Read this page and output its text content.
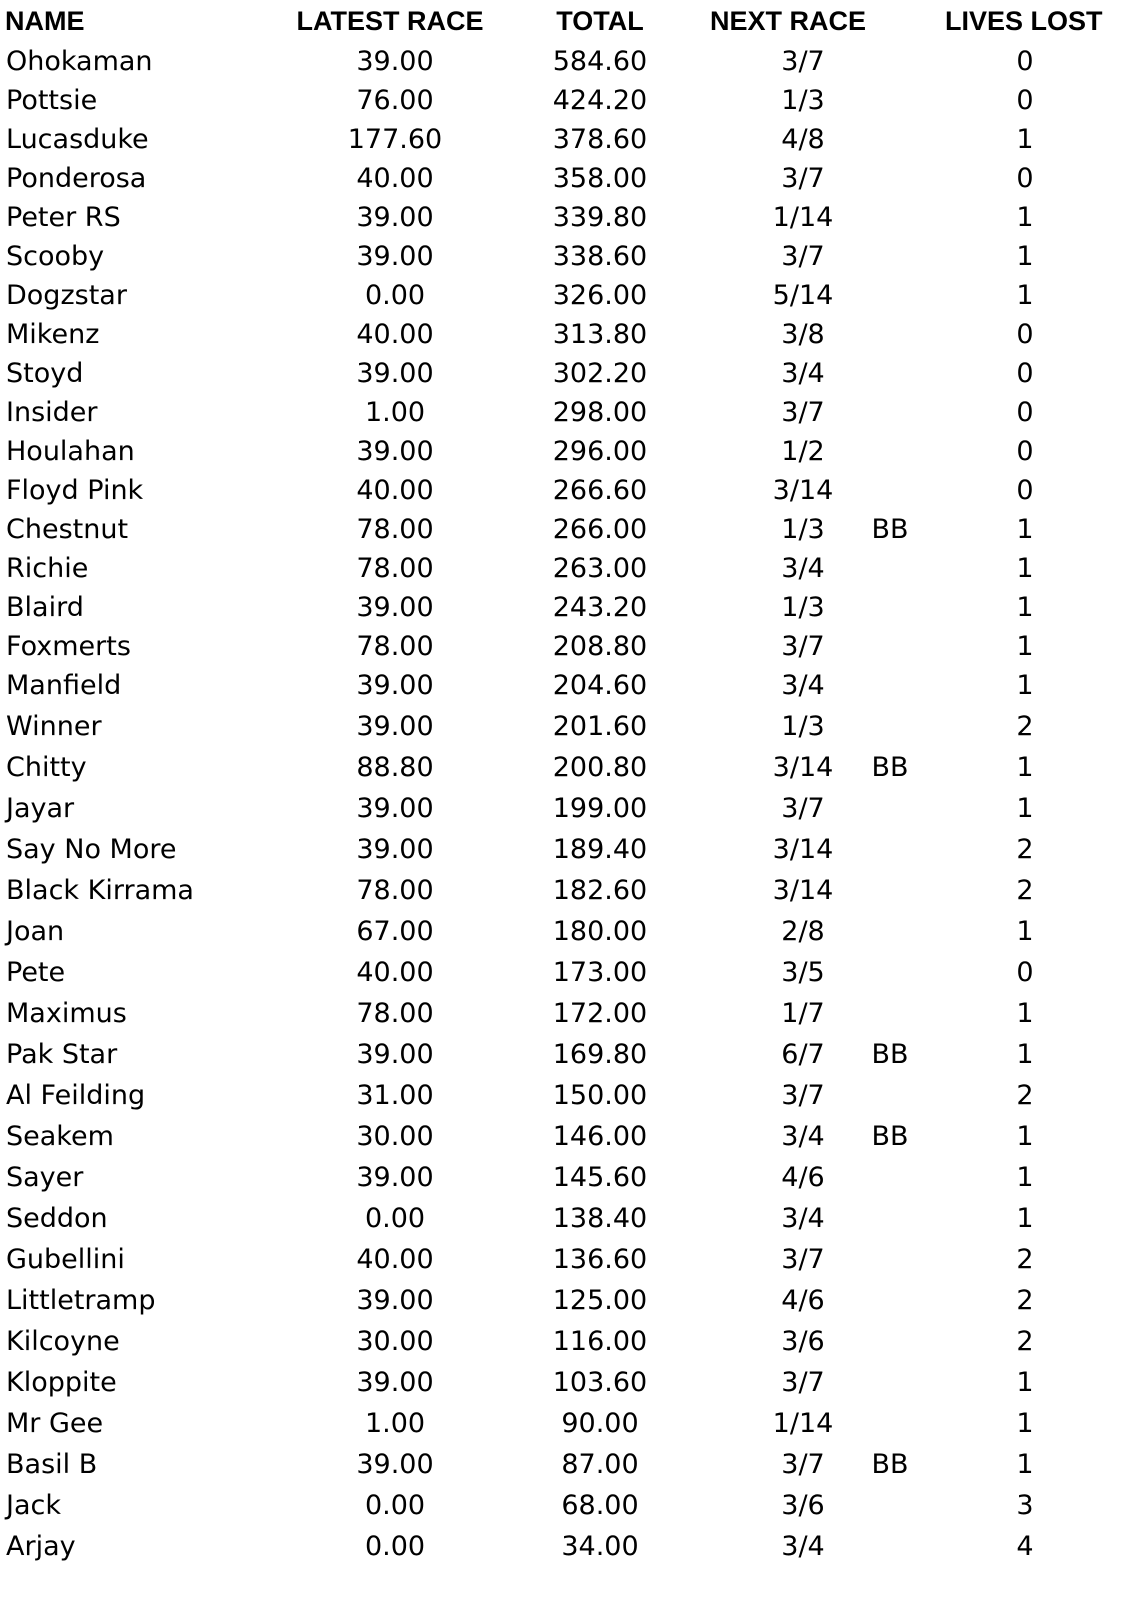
NAME	LATEST RACE	TOTAL	NEXT RACE	LIVES LOST
Ohokaman	39.00	584.60	3/7	0
Pottsie	76.00	424.20	1/3	0
Lucasduke	177.60	378.60	4/8	1
Ponderosa	40.00	358.00	3/7	0
Peter RS	39.00	339.80	1/14	1
Scooby	39.00	338.60	3/7	1
Dogzstar	0.00	326.00	5/14	1
Mikenz	40.00	313.80	3/8	0
Stoyd	39.00	302.20	3/4	0
Insider	1.00	298.00	3/7	0
Houlahan	39.00	296.00	1/2	0
Floyd Pink	40.00	266.60	3/14	0
Chestnut	78.00	266.00	1/3	BB	1
Richie	78.00	263.00	3/4	1
Blaird	39.00	243.20	1/3	1
Foxmerts	78.00	208.80	3/7	1
Manfield	39.00	204.60	3/4	1
Winner	39.00	201.60	1/3	2
Chitty	88.80	200.80	3/14	BB	1
Jayar	39.00	199.00	3/7	1
Say No More	39.00	189.40	3/14	2
Black Kirrama	78.00	182.60	3/14	2
Joan	67.00	180.00	2/8	1
Pete	40.00	173.00	3/5	0
Maximus	78.00	172.00	1/7	1
Pak Star	39.00	169.80	6/7	BB	1
Al Feilding	31.00	150.00	3/7	2
Seakem	30.00	146.00	3/4	BB	1
Sayer	39.00	145.60	4/6	1
Seddon	0.00	138.40	3/4	1
Gubellini	40.00	136.60	3/7	2
Littletramp	39.00	125.00	4/6	2
Kilcoyne	30.00	116.00	3/6	2
Kloppite	39.00	103.60	3/7	1
Mr Gee	1.00	90.00	1/14	1
Basil B	39.00	87.00	3/7	BB	1
Jack	0.00	68.00	3/6	3
Arjay	0.00	34.00	3/4	4
